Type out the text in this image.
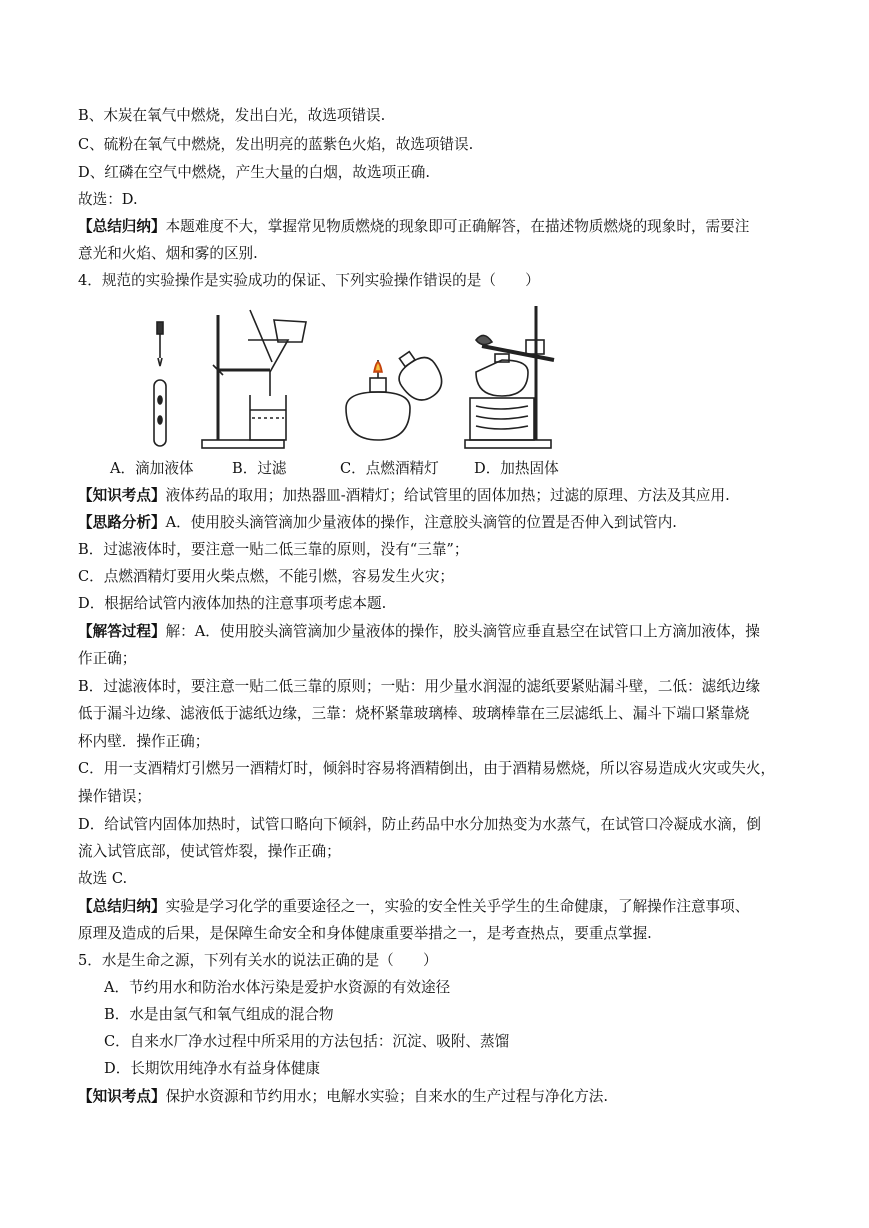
B、木炭在氧气中燃烧，发出白光，故选项错误.
C、硫粉在氧气中燃烧，发出明亮的蓝紫色火焰，故选项错误.
D、红磷在空气中燃烧，产生大量的白烟，故选项正确.
故选：D.
【总结归纳】本题难度不大，掌握常见物质燃烧的现象即可正确解答，在描述物质燃烧的现象时，需要注
意光和火焰、烟和雾的区别.
4．规范的实验操作是实验成功的保证、下列实验操作错误的是（　　）
A．滴加液体	B．过滤	C．点燃酒精灯 D．加热固体
【知识考点】液体药品的取用；加热器皿-酒精灯；给试管里的固体加热；过滤的原理、方法及其应用.
【思路分析】A．使用胶头滴管滴加少量液体的操作，注意胶头滴管的位置是否伸入到试管内.
B．过滤液体时，要注意一贴二低三靠的原则，没有“三靠”；
C．点燃酒精灯要用火柴点燃，不能引燃，容易发生火灾；
D．根据给试管内液体加热的注意事项考虑本题.
【解答过程】解：A．使用胶头滴管滴加少量液体的操作，胶头滴管应垂直悬空在试管口上方滴加液体，操
作正确；
B．过滤液体时，要注意一贴二低三靠的原则；一贴：用少量水润湿的滤纸要紧贴漏斗壁，二低：滤纸边缘
低于漏斗边缘、滤液低于滤纸边缘，三靠：烧杯紧靠玻璃棒、玻璃棒靠在三层滤纸上、漏斗下端口紧靠烧
杯内壁．操作正确；
C．用一支酒精灯引燃另一酒精灯时，倾斜时容易将酒精倒出，由于酒精易燃烧，所以容易造成火灾或失火，
操作错误；
D．给试管内固体加热时，试管口略向下倾斜，防止药品中水分加热变为水蒸气，在试管口冷凝成水滴，倒
流入试管底部，使试管炸裂，操作正确；
故选 C.
【总结归纳】实验是学习化学的重要途径之一，实验的安全性关乎学生的生命健康，了解操作注意事项、
原理及造成的后果，是保障生命安全和身体健康重要举措之一，是考查热点，要重点掌握.
5．水是生命之源，下列有关水的说法正确的是（　　）
A．节约用水和防治水体污染是爱护水资源的有效途径
B．水是由氢气和氧气组成的混合物
C．自来水厂净水过程中所采用的方法包括：沉淀、吸附、蒸馏
D．长期饮用纯净水有益身体健康
【知识考点】保护水资源和节约用水；电解水实验；自来水的生产过程与净化方法.
